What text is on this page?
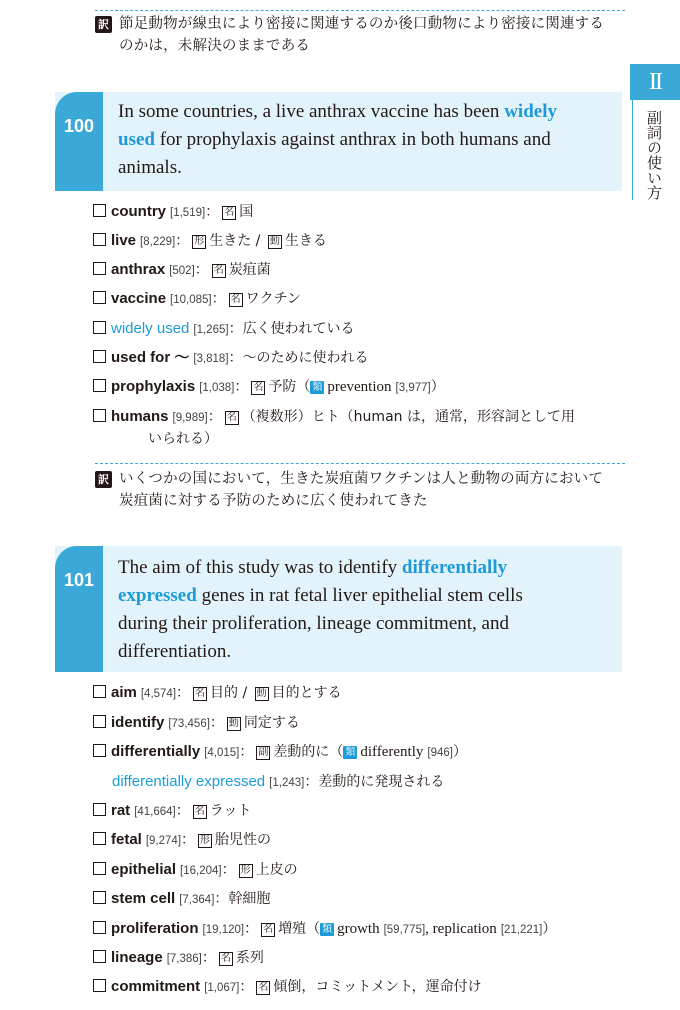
II
副詞の使い方
訳 節足動物が線虫により密接に関連するのか後口動物により密接に関連する
のかは，未解決のままである
100
In some countries, a live anthrax vaccine has been widely
used for prophylaxis against anthrax in both humans and
animals.
country [1,519]： 名 国
live [8,229]： 形 生きた / 動 生きる
anthrax [502]： 名 炭疽菌
vaccine [10,085]： 名 ワクチン
widely used [1,265]：広く使われている
used for ～ [3,818]：～のために使われる
prophylaxis [1,038]： 名 予防（ 類 prevention [3,977]）
humans [9,989]： 名 （複数形）ヒト（human は，通常，形容詞として用
いられる）
訳 いくつかの国において，生きた炭疽菌ワクチンは人と動物の両方において
炭疽菌に対する予防のために広く使われてきた
101
The aim of this study was to identify differentially
expressed genes in rat fetal liver epithelial stem cells
during their proliferation, lineage commitment, and
differentiation.
aim [4,574]： 名 目的 / 動 目的とする
identify [73,456]： 動 同定する
differentially [4,015]： 副 差動的に（ 類 differently [946]）
differentially expressed [1,243]：差動的に発現される
rat [41,664]： 名 ラット
fetal [9,274]： 形 胎児性の
epithelial [16,204]： 形 上皮の
stem cell [7,364]：幹細胞
proliferation [19,120]： 名 増殖（ 類 growth [59,775], replication [21,221]）
lineage [7,386]： 名 系列
commitment [1,067]： 名 傾倒，コミットメント，運命付け
